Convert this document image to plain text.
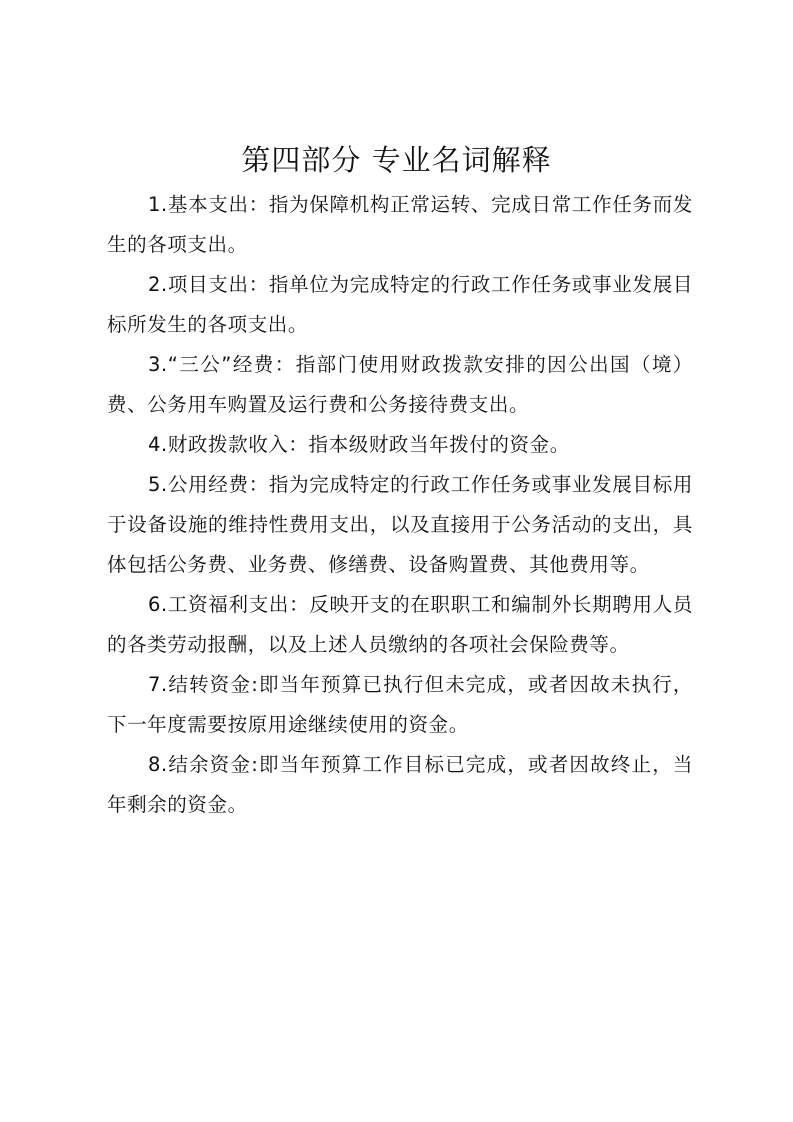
第四部分 专业名词解释

1.基本支出：指为保障机构正常运转、完成日常工作任务而发生的各项支出。

2.项目支出：指单位为完成特定的行政工作任务或事业发展目标所发生的各项支出。

3.“三公”经费：指部门使用财政拨款安排的因公出国（境）费、公务用车购置及运行费和公务接待费支出。

4.财政拨款收入：指本级财政当年拨付的资金。

5.公用经费：指为完成特定的行政工作任务或事业发展目标用于设备设施的维持性费用支出，以及直接用于公务活动的支出，具体包括公务费、业务费、修缮费、设备购置费、其他费用等。

6.工资福利支出：反映开支的在职职工和编制外长期聘用人员的各类劳动报酬，以及上述人员缴纳的各项社会保险费等。

7.结转资金:即当年预算已执行但未完成，或者因故未执行，下一年度需要按原用途继续使用的资金。

8.结余资金:即当年预算工作目标已完成，或者因故终止，当年剩余的资金。
